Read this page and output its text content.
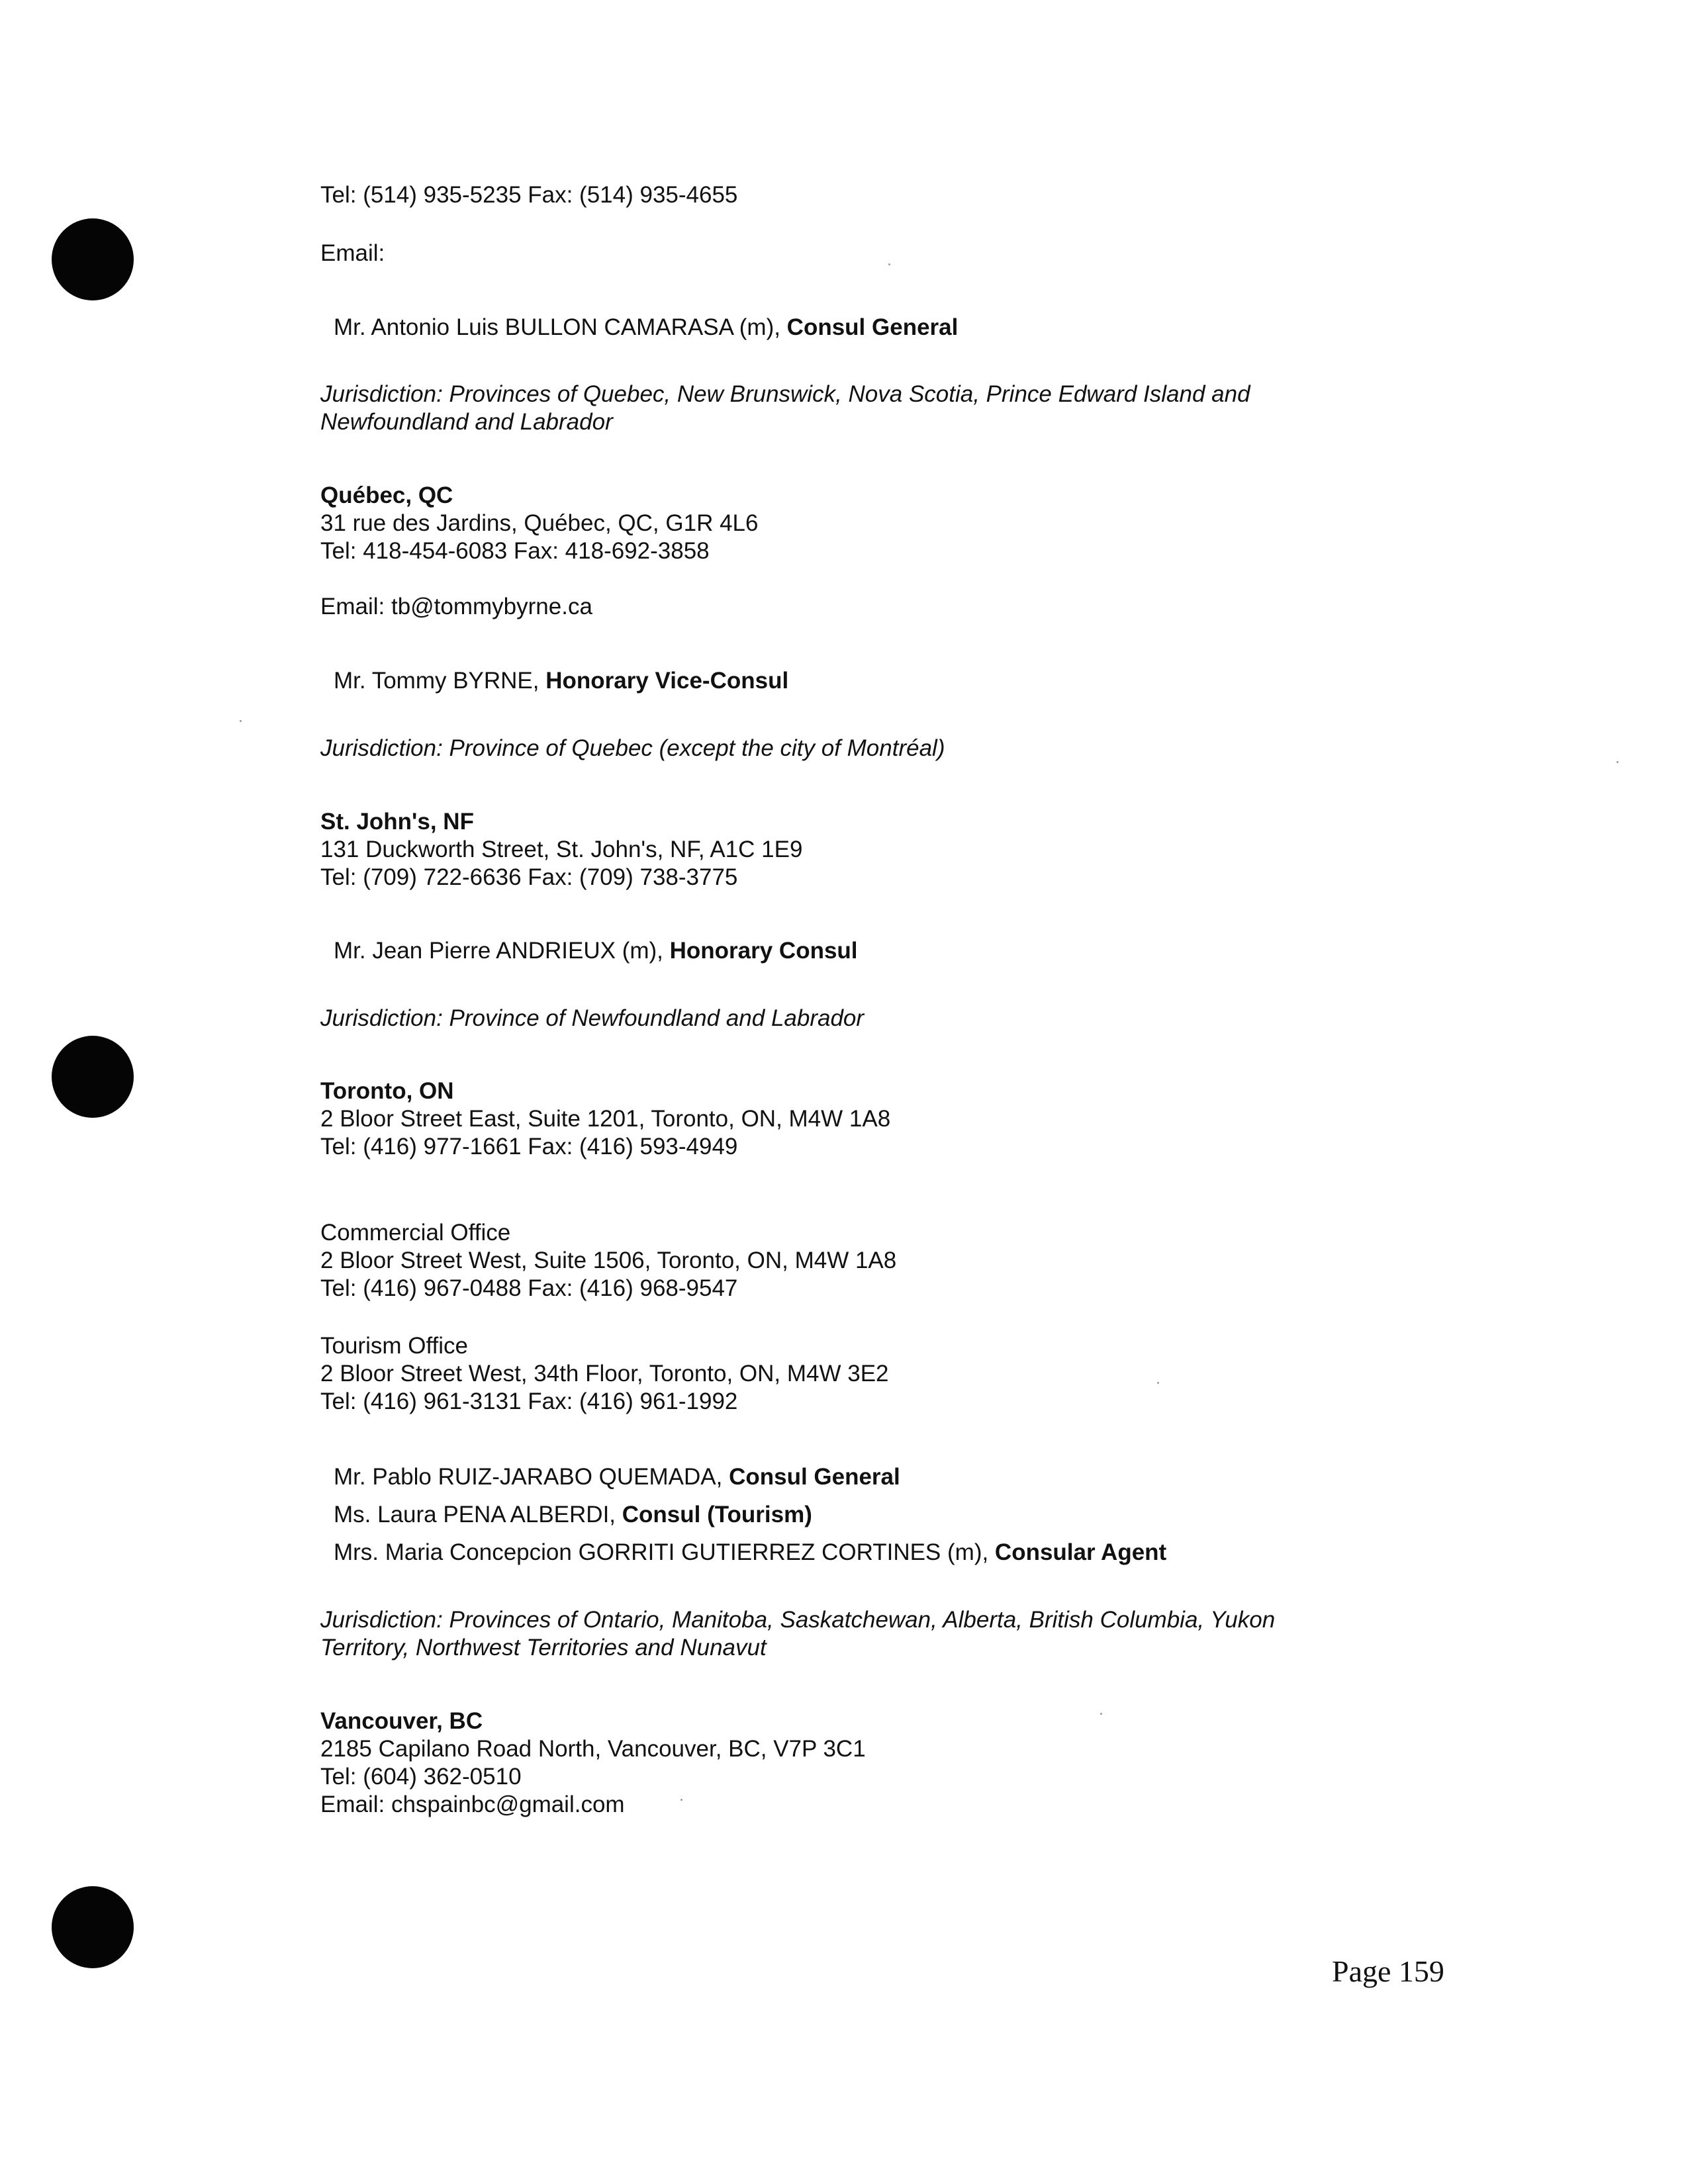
Tel: (514) 935-5235 Fax: (514) 935-4655
Email:
Mr. Antonio Luis BULLON CAMARASA (m), Consul General
Jurisdiction: Provinces of Quebec, New Brunswick, Nova Scotia, Prince Edward Island and
Newfoundland and Labrador
Québec, QC
31 rue des Jardins, Québec, QC, G1R 4L6
Tel: 418-454-6083 Fax: 418-692-3858
Email: tb@tommybyrne.ca
Mr. Tommy BYRNE, Honorary Vice-Consul
Jurisdiction: Province of Quebec (except the city of Montréal)
St. John's, NF
131 Duckworth Street, St. John's, NF, A1C 1E9
Tel: (709) 722-6636 Fax: (709) 738-3775
Mr. Jean Pierre ANDRIEUX (m), Honorary Consul
Jurisdiction: Province of Newfoundland and Labrador
Toronto, ON
2 Bloor Street East, Suite 1201, Toronto, ON, M4W 1A8
Tel: (416) 977-1661 Fax: (416) 593-4949
Commercial Office
2 Bloor Street West, Suite 1506, Toronto, ON, M4W 1A8
Tel: (416) 967-0488 Fax: (416) 968-9547
Tourism Office
2 Bloor Street West, 34th Floor, Toronto, ON, M4W 3E2
Tel: (416) 961-3131 Fax: (416) 961-1992
Mr. Pablo RUIZ-JARABO QUEMADA, Consul General
Ms. Laura PENA ALBERDI, Consul (Tourism)
Mrs. Maria Concepcion GORRITI GUTIERREZ CORTINES (m), Consular Agent
Jurisdiction: Provinces of Ontario, Manitoba, Saskatchewan, Alberta, British Columbia, Yukon
Territory, Northwest Territories and Nunavut
Vancouver, BC
2185 Capilano Road North, Vancouver, BC, V7P 3C1
Tel: (604) 362-0510
Email: chspainbc@gmail.com
Page 159
